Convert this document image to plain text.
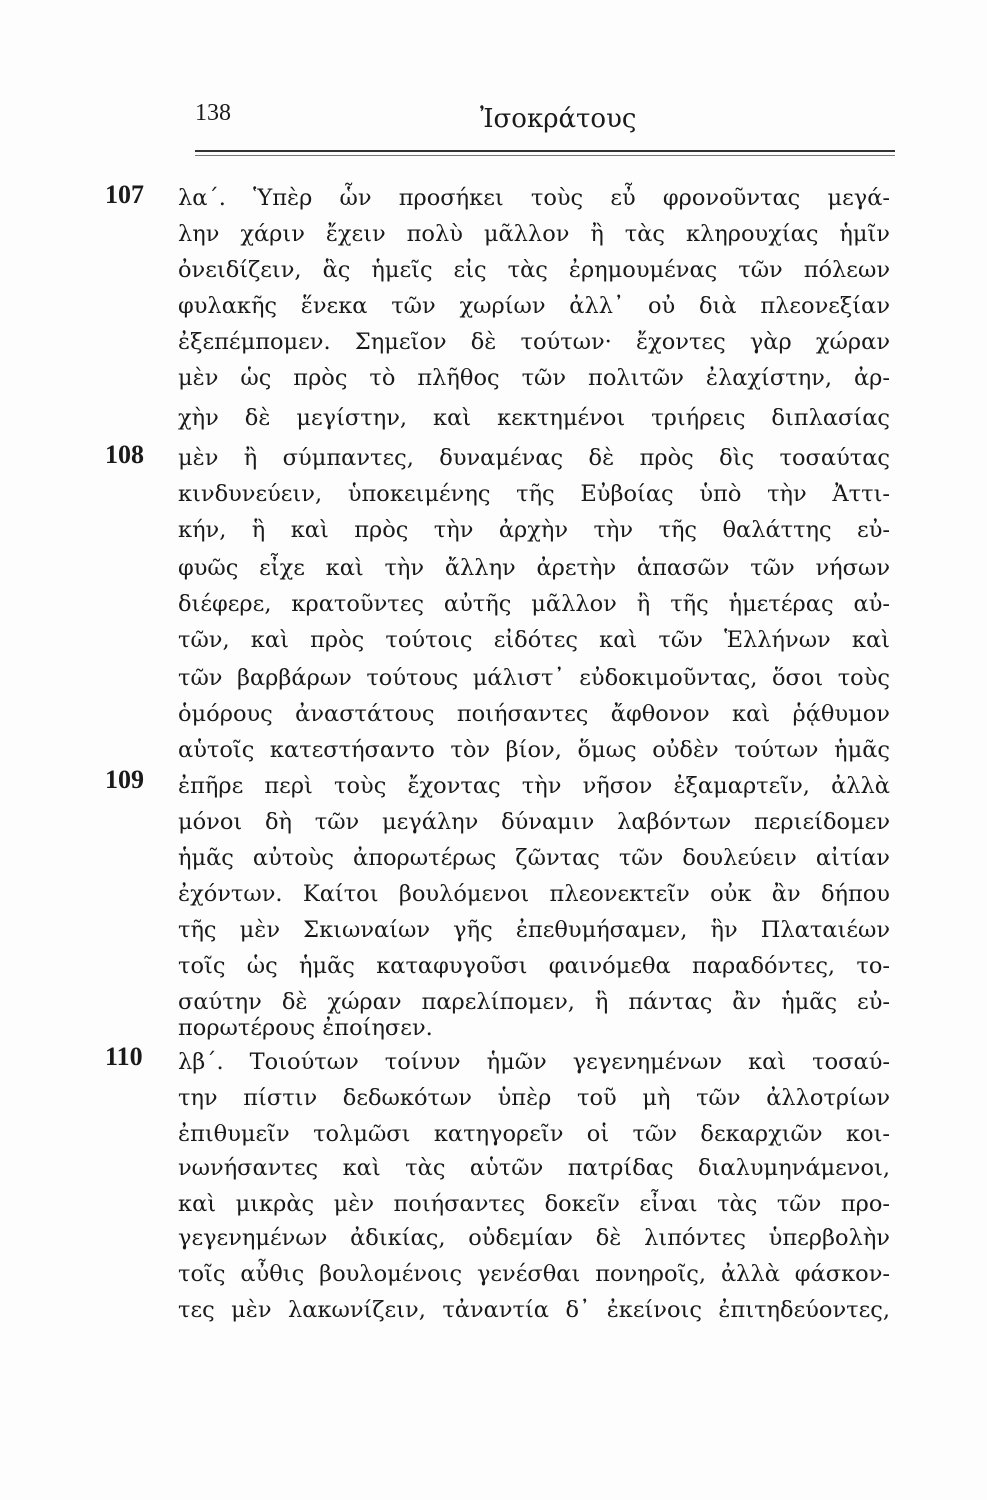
138	Ἰσοκράτους
107
108
109
110
λα΄. Ὑπὲρ ὧν προσήκει τοὺς εὖ φρονοῦντας μεγά-
λην χάριν ἔχειν πολὺ μᾶλλον ἢ τὰς κληρουχίας ἡμῖν
ὀνειδίζειν, ἃς ἡμεῖς εἰς τὰς ἐρημουμένας τῶν πόλεων
φυλακῆς ἕνεκα τῶν χωρίων ἀλλ᾿ οὐ διὰ πλεονεξίαν
ἐξεπέμπομεν. Σημεῖον δὲ τούτων· ἔχοντες γὰρ χώραν
μὲν ὡς πρὸς τὸ πλῆθος τῶν πολιτῶν ἐλαχίστην, ἀρ-
χὴν δὲ μεγίστην, καὶ κεκτημένοι τριήρεις διπλασίας
μὲν ἢ σύμπαντες, δυναμένας δὲ πρὸς δὶς τοσαύτας
κινδυνεύειν, ὑποκειμένης τῆς Εὐβοίας ὑπὸ τὴν Ἀττι-
κήν, ἣ καὶ πρὸς τὴν ἀρχὴν τὴν τῆς θαλάττης εὐ-
φυῶς εἶχε καὶ τὴν ἄλλην ἀρετὴν ἁπασῶν τῶν νήσων
διέφερε, κρατοῦντες αὐτῆς μᾶλλον ἢ τῆς ἡμετέρας αὐ-
τῶν, καὶ πρὸς τούτοις εἰδότες καὶ τῶν Ἑλλήνων καὶ
τῶν βαρβάρων τούτους μάλιστ᾿ εὐδοκιμοῦντας, ὅσοι τοὺς
ὁμόρους ἀναστάτους ποιήσαντες ἄφθονον καὶ ῥᾴθυμον
αὑτοῖς κατεστήσαντο τὸν βίον, ὅμως οὐδὲν τούτων ἡμᾶς
ἐπῆρε περὶ τοὺς ἔχοντας τὴν νῆσον ἐξαμαρτεῖν, ἀλλὰ
μόνοι δὴ τῶν μεγάλην δύναμιν λαβόντων περιείδομεν
ἡμᾶς αὐτοὺς ἀπορωτέρως ζῶντας τῶν δουλεύειν αἰτίαν
ἐχόντων. Καίτοι βουλόμενοι πλεονεκτεῖν οὐκ ἂν δήπου
τῆς μὲν Σκιωναίων γῆς ἐπεθυμήσαμεν, ἣν Πλαταιέων
τοῖς ὡς ἡμᾶς καταφυγοῦσι φαινόμεθα παραδόντες, το-
σαύτην δὲ χώραν παρελίπομεν, ἣ πάντας ἂν ἡμᾶς εὐ-
πορωτέρους ἐποίησεν.
λβ΄. Τοιούτων τοίνυν ἡμῶν γεγενημένων καὶ τοσαύ-
την πίστιν δεδωκότων ὑπὲρ τοῦ μὴ τῶν ἀλλοτρίων
ἐπιθυμεῖν τολμῶσι κατηγορεῖν οἱ τῶν δεκαρχιῶν κοι-
νωνήσαντες καὶ τὰς αὑτῶν πατρίδας διαλυμηνάμενοι,
καὶ μικρὰς μὲν ποιήσαντες δοκεῖν εἶναι τὰς τῶν προ-
γεγενημένων ἀδικίας, οὐδεμίαν δὲ λιπόντες ὑπερβολὴν
τοῖς αὖθις βουλομένοις γενέσθαι πονηροῖς, ἀλλὰ φάσκον-
τες μὲν λακωνίζειν, τἀναντία δ᾿ ἐκείνοις ἐπιτηδεύοντες,
